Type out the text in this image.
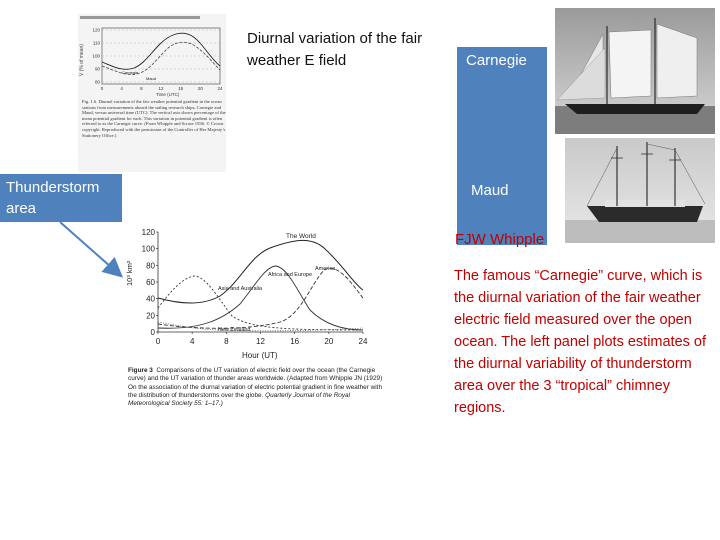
V (% of mean)
120
110
100
90
80
0	4	8	12	16	20	24
Carnegie
Maud
Time (UTC)

Fig. 1.6. Diurnal variation of the fair weather potential gradient in the ocean stations from measurements aboard the sailing research ships, Carnegie and Maud, versus universal time (UTC). The vertical axis shows percentage of the mean potential gradient for each. This variation in potential gradient is often referred to as the Carnegie curve. (From Whipple and Scrase 1936. © Crown copyright. Reproduced with the permission of the Controller of Her Majesty’s Stationery Office.)

Diurnal variation of the fair weather E field

Thunderstorm area

Carnegie

Maud

FJW Whipple

10³ km²
120
100
80
60
40
20
0
0	4	8	12	16	20	24
Hour (UT)
The World
America
Africa and Europe
Asia and Australia
New Zealand

Figure 3 Comparisons of the UT variation of electric field over the ocean (the Carnegie curve) and the UT variation of thunder areas worldwide. (Adapted from Whipple JN (1929) On the association of the diurnal variation of electric potential gradient in fine weather with the distribution of thunderstorms over the globe. Quarterly Journal of the Royal Meteorological Society 55: 1–17.)

The famous “Carnegie” curve, which is the diurnal variation of the fair weather electric field measured over the open ocean. The left panel plots estimates of the diurnal variability of thunderstorm area over the 3 “tropical” chimney regions.
